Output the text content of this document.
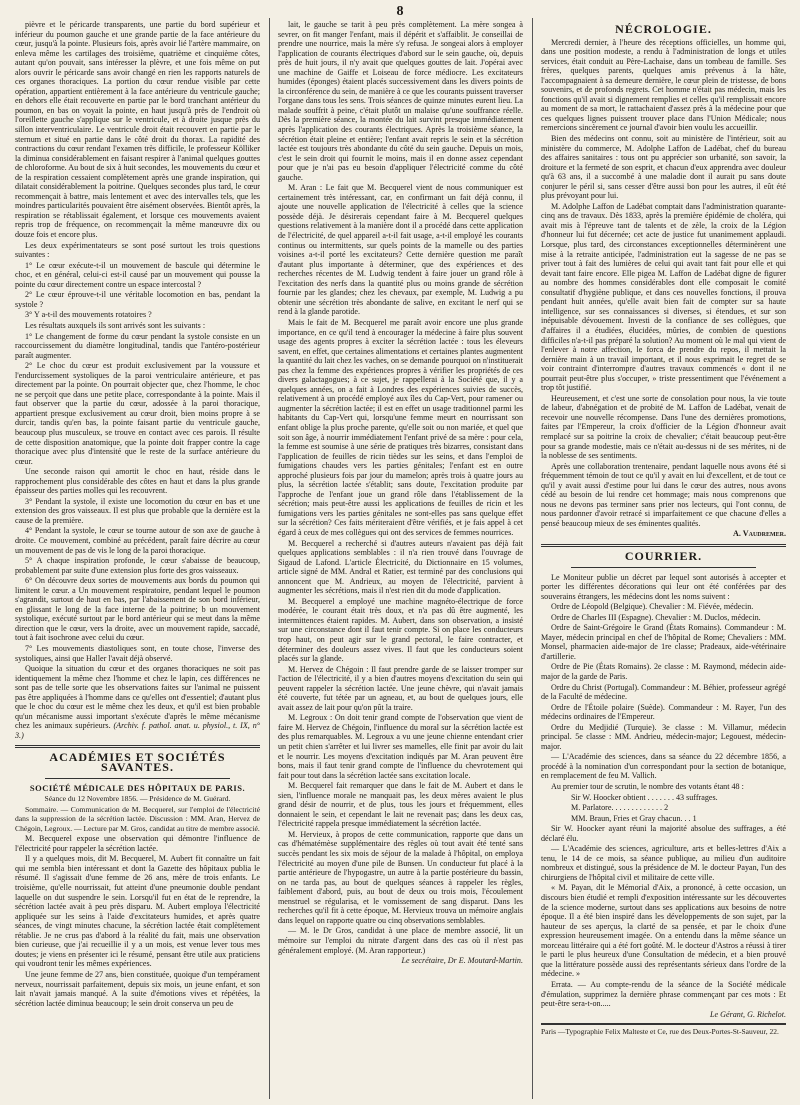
8

pièvre et le péricarde transparents, une partie du bord supérieur et inférieur du poumon gauche et une grande partie de la face antérieure du cœur, jusqu'à la pointe. Plusieurs fois, après avoir lié l'artère mammaire, on enleva même les cartilages des troisième, quatrième et cinquième côtes, autant qu'on pouvait, sans intéresser la plèvre, et une fois même on put alors ouvrir le péricarde sans avoir changé en rien les rapports naturels de ces organes thoraciques. La portion du cœur rendue visible par cette opération, appartient entièrement à la face antérieure du ventricule gauche; en dehors elle était recouverte en partie par le bord tranchant antérieur du poumon, en bas on voyait la pointe, en haut jusqu'à près de l'endroit où l'oreillette gauche s'applique sur le ventricule, et à droite jusque près du sillon interventriculaire. Le ventricule droit était recouvert en partie par le sternum et situé en partie dans le côté droit du thorax. La rapidité des contractions du cœur rendant l'examen très difficile, le professeur Kölliker la diminua considérablement en faisant respirer à l'animal quelques gouttes de chloroforme. Au bout de six à huit secondes, les mouvements du cœur et de la respiration cessaient complètement après une grande inspiration, qui dilatait considérablement la poitrine. Quelques secondes plus tard, le cœur recommençait à battre, mais lentement et avec des intervalles tels, que les moindres particularités pouvaient être aisément observées. Bientôt après, la respiration se rétablissait également, et lorsque ces mouvements avaient repris trop de fréquence, on recommençait la même manœuvre dix ou douze fois et encore plus.

Les deux expérimentateurs se sont posé surtout les trois questions suivantes :

1° Le cœur exécute-t-il un mouvement de bascule qui détermine le choc, et en général, celui-ci est-il causé par un mouvement qui pousse la pointe du cœur directement contre un espace intercostal ?

2° Le cœur éprouve-t-il une véritable locomotion en bas, pendant la systole ?

3° Y a-t-il des mouvements rotatoires ?

Les résultats auxquels ils sont arrivés sont les suivants :

1° Le changement de forme du cœur pendant la systole consiste en un raccourcissement du diamètre longitudinal, tandis que l'antéro-postérieur paraît augmenter.

2° Le choc du cœur est produit exclusivement par la voussure et l'endurcissement systoliques de la paroi ventriculaire antérieure, et pas directement par la pointe. On pourrait objecter que, chez l'homme, le choc ne se perçoit que dans une petite place, correspondante à la pointe. Mais il faut observer que la partie du cœur, adossée à la paroi thoracique, appartient presque exclusivement au cœur droit, bien moins propre à se durcir, tandis qu'en bas, la pointe faisant partie du ventricule gauche, beaucoup plus musculeux, se trouve en contact avec ces parois. Il résulte de cette disposition anatomique, que la pointe doit frapper contre la cage thoracique avec plus d'intensité que le reste de la surface antérieure du cœur.

Une seconde raison qui amortit le choc en haut, réside dans le rapprochement plus considérable des côtes en haut et dans la plus grande épaisseur des parties molles qui les recouvrent.

3° Pendant la systole, il existe une locomotion du cœur en bas et une extension des gros vaisseaux. Il est plus que probable que la dernière est la cause de la première.

4° Pendant la systole, le cœur se tourne autour de son axe de gauche à droite. Ce mouvement, combiné au précédent, paraît faire décrire au cœur un mouvement de pas de vis le long de la paroi thoracique.

5° A chaque inspiration profonde, le cœur s'abaisse de beaucoup, probablement par suite d'une extension plus forte des gros vaisseaux.

6° On découvre deux sortes de mouvements aux bords du poumon qui limitent le cœur. a Un mouvement respiratoire, pendant lequel le poumon s'agrandit, surtout de haut en bas, par l'abaissement de son bord inférieur, en glissant le long de la face interne de la poitrine; b un mouvement systolique, exécuté surtout par le bord antérieur qui se meut dans la même direction que le cœur, vers la droite, avec un mouvement rapide, saccadé, tout à fait isochrone avec celui du cœur.

7° Les mouvements diastoliques sont, en toute chose, l'inverse des systoliques, ainsi que Haller l'avait déjà observé.

Quoique la situation du cœur et des organes thoraciques ne soit pas identiquement la même chez l'homme et chez le lapin, ces différences ne sont pas de telle sorte que les observations faites sur l'animal ne puissent pas être appliquées à l'homme dans ce qu'elles ont d'essentiel; d'autant plus que le choc du cœur est le même chez les deux, et qu'il est bien probable qu'un mécanisme aussi important s'exécute d'après le même mécanisme chez les animaux supérieurs. (Archiv. f. pathol. anat. u. physiol., t. IX, n° 3.)

ACADÉMIES ET SOCIÉTÉS SAVANTES.
SOCIÉTÉ MÉDICALE DES HÔPITAUX DE PARIS.

Séance du 12 Novembre 1856. — Présidence de M. Guérard.

Sommaire. — Communication de M. Becquerel, sur l'emploi de l'électricité dans la suppression de la sécrétion lactée. Discussion : MM. Aran, Hervez de Chégoin, Legroux. — Lecture par M. Gros, candidat au titre de membre associé.

M. Becquerel expose une observation qui démontre l'influence de l'électricité pour rappeler la sécrétion lactée.

Il y a quelques mois, dit M. Becquerel, M. Aubert fit connaître un fait qui me sembla bien intéressant et dont la Gazette des hôpitaux publia le résumé. Il s'agissait d'une femme de 26 ans, mère de trois enfants. Le troisième, qu'elle nourrissait, fut atteint d'une pneumonie double pendant laquelle on dut suspendre le sein. Lorsqu'il fut en état de le reprendre, la sécrétion lactée avait à peu près disparu. M. Aubert employa l'électricité appliquée sur les seins à l'aide d'excitateurs humides, et après quatre séances, de vingt minutes chacune, la sécrétion lactée était complètement rétablie. Je ne crus pas d'abord à la réalité du fait, mais une observation bien curieuse, que j'ai recueillie il y a un mois, est venue lever tous mes doutes; je viens en présenter ici le résumé, pensant être utile aux praticiens qui voudront tenir les mêmes expériences.

Une jeune femme de 27 ans, bien constituée, quoique d'un tempérament nerveux, nourrissait parfaitement, depuis six mois, un jeune enfant, et son lait n'avait jamais manqué. A la suite d'émotions vives et répétées, la sécrétion lactée diminua beaucoup; le sein droit conserva un peu de

lait, le gauche se tarit à peu près complètement. La mère songea à sevrer, on fit manger l'enfant, mais il dépérit et s'affaiblit. Je conseillai de prendre une nourrice, mais la mère s'y refusa. Je songeai alors à employer l'application de courants électriques d'abord sur le sein gauche, où, depuis près de huit jours, il n'y avait que quelques gouttes de lait. J'opérai avec une machine de Gaiffe et Loiseau de force médiocre. Les excitateurs humides (éponges) étaient placés successivement dans les divers points de la circonférence du sein, de manière à ce que les courants puissent traverser l'organe dans tous les sens. Trois séances de quinze minutes eurent lieu. La malade souffrit à peine, c'était plutôt un malaise qu'une souffrance réelle. Dès la première séance, la montée du lait survint presque immédiatement après l'application des courants électriques. Après la troisième séance, la sécrétion était pleine et entière; l'enfant avait repris le sein et la sécrétion lactée est toujours très abondante du côté du sein gauche. Depuis un mois, c'est le sein droit qui fournit le moins, mais il en donne assez cependant pour que je n'ai pas eu besoin d'appliquer l'électricité comme du côté gauche.

M. Aran : Le fait que M. Becquerel vient de nous communiquer est certainement très intéressant, car, en confirmant un fait déjà connu, il ajoute une nouvelle application de l'électricité à celles que la science possède déjà. Je désirerais cependant faire à M. Becquerel quelques questions relativement à la manière dont il a procédé dans cette application de l'électricité, de quel appareil a-t-il fait usage, a-t-il employé les courants continus ou intermittents, sur quels points de la mamelle ou des parties voisines a-t-il porté les excitateurs? Cette dernière question me paraît d'autant plus importante à déterminer, que des expériences et des recherches récentes de M. Ludwig tendent à faire jouer un grand rôle à l'excitation des nerfs dans la quantité plus ou moins grande de sécrétion fournie par les glandes; chez les chevaux, par exemple, M. Ludwig a pu obtenir une sécrétion très abondante de salive, en excitant le nerf qui se rend à la glande parotide.

Mais le fait de M. Becquerel me paraît avoir encore une plus grande importance, en ce qu'il tend à encourager la médecine à faire plus souvent usage des agents propres à exciter la sécrétion lactée : tous les éleveurs savent, en effet, que certaines alimentations et certaines plantes augmentent la quantité du lait chez les vaches, on se demande pourquoi on n'instituerait pas chez la femme des expériences propres à vérifier les propriétés de ces divers galactagogues; à ce sujet, je rappellerai à la Société que, il y a quelques années, on a fait à Londres des expériences suivies de succès, relativement à un procédé employé aux îles du Cap-Vert, pour ramener ou augmenter la sécrétion lactée; il est en effet un usage traditionnel parmi les habitants du Cap-Vert qui, lorsqu'une femme meurt en nourrissant son enfant oblige la plus proche parente, qu'elle soit ou non mariée, et quel que soit son âge, à nourrir immédiatement l'enfant privé de sa mère : pour cela, la femme est soumise à une série de pratiques très bizarres, consistant dans l'application de feuilles de ricin tièdes sur les seins, et dans l'emploi de fumigations chaudes vers les parties génitales; l'enfant est en outre approché plusieurs fois par jour du mamelon; après trois à quatre jours au plus, la sécrétion lactée s'établit; sans doute, l'excitation produite par l'approche de l'enfant joue un grand rôle dans l'établissement de la sécrétion; mais peut-être aussi les applications de feuilles de ricin et les fumigations vers les parties génitales ne sont-elles pas sans quelque effet sur la sécrétion? Ces faits mériteraient d'être vérifiés, et je fais appel à cet égard à ceux de mes collègues qui ont des services de femmes nourrices.

M. Becquerel a recherché si d'autres auteurs n'avaient pas déjà fait quelques applications semblables : il n'a rien trouvé dans l'ouvrage de Sigaud de Lafond. L'article Électricité, du Dictionnaire en 15 volumes, article signé de MM. Andral et Ratier, est terminé par des conclusions qui annoncent que M. Andrieux, au moyen de l'électricité, parvient à augmenter les sécrétions, mais il n'est rien dit du mode d'application.

M. Becquerel a employé une machine magnéto-électrique de force modérée, le courant était très doux, et n'a pas dû être augmenté, les intermittences étaient rapides. M. Aubert, dans son observation, a insisté sur une circonstance dont il faut tenir compte. Si on place les conducteurs trop haut, on peut agir sur le grand pectoral, le faire contracter, et déterminer des douleurs assez vives. Il faut que les conducteurs soient placés sur la glande.

M. Hervez de Chégoin : Il faut prendre garde de se laisser tromper sur l'action de l'électricité, il y a bien d'autres moyens d'excitation du sein qui peuvent rappeler la sécrétion lactée. Une jeune chèvre, qui n'avait jamais été couverte, fut tétée par un agneau, et, au bout de quelques jours, elle avait assez de lait pour qu'on pût la traire.

M. Legroux : On doit tenir grand compte de l'observation que vient de faire M. Hervez de Chégoin, l'influence du moral sur la sécrétion lactée est des plus remarquables. M. Legroux a vu une jeune chienne entendant crier un petit chien s'arrêter et lui livrer ses mamelles, elle finit par avoir du lait et le nourrir. Les moyens d'excitation indiqués par M. Aran peuvent être bons, mais il faut tenir grand compte de l'influence du chevrotement qui fait pour tout dans la sécrétion lactée sans excitation locale.

M. Becquerel fait remarquer que dans le fait de M. Aubert et dans le sien, l'influence morale ne manquait pas, les deux mères avaient le plus grand désir de nourrir, et de plus, tous les jours et fréquemment, elles donnaient le sein, et cependant le lait ne revenait pas; dans les deux cas, l'électricité rappela presque immédiatement la sécrétion lactée.

M. Hervieux, à propos de cette communication, rapporte que dans un cas d'hématémèse supplémentaire des règles où tout avait été tenté sans succès pendant les six mois de séjour de la malade à l'hôpital, on employa l'électricité au moyen d'une pile de Bunsen. Un conducteur fut placé à la partie antérieure de l'hypogastre, un autre à la partie postérieure du bassin, on ne tarda pas, au bout de quelques séances à rappeler les règles, faiblement d'abord, puis, au bout de deux ou trois mois, l'écoulement menstruel se régularisa, et le vomissement de sang disparut. Dans les recherches qu'il fit à cette époque, M. Hervieux trouva un mémoire anglais dans lequel on rapporte quatre ou cinq observations semblables.

— M. le Dr Gros, candidat à une place de membre associé, lit un mémoire sur l'emploi du nitrate d'argent dans des cas où il n'est pas généralement employé. (M. Aran rapporteur.)

Le secrétaire, Dr E. Moutard-Martin.

NÉCROLOGIE.

Mercredi dernier, à l'heure des réceptions officielles, un homme qui, dans une position modeste, a rendu à l'administration de longs et utiles services, était conduit au Père-Lachaise, dans un tombeau de famille. Ses frères, quelques parents, quelques amis prévenus à la hâte, l'accompagnaient à sa demeure dernière, le cœur plein de tristesse, de bons souvenirs, et de profonds regrets. Cet homme n'était pas médecin, mais les fonctions qu'il avait si dignement remplies et celles qu'il remplissait encore au moment de sa mort, le rattachaient d'assez près à la médecine pour que ces quelques lignes puissent trouver place dans l'Union Médicale; nous remercions sincèrement ce journal d'avoir bien voulu les accueillir.

Bien des médecins ont connu, soit au ministère de l'intérieur, soit au ministère du commerce, M. Adolphe Laffon de Ladébat, chef du bureau des affaires sanitaires : tous ont pu apprécier son urbanité, son savoir, la droiture et la fermeté de son esprit, et chacun d'eux apprendra avec douleur qu'à 63 ans, il a succombé à une maladie dont il aurait pu sans doute conjurer le péril si, sans cesser d'être aussi bon pour les autres, il eût été plus prévoyant pour lui.

M. Adolphe Laffon de Ladébat comptait dans l'administration quarante-cinq ans de travaux. Dès 1833, après la première épidémie de choléra, qui avait mis à l'épreuve tant de talents et de zèle, la croix de la Légion d'honneur lui fut décernée; cet acte de justice fut unanimement applaudi. Lorsque, plus tard, des circonstances exceptionnelles déterminèrent une mise à la retraite anticipée, l'administration eut la sagesse de ne pas se priver tout à fait des lumières de celui qui avait tant fait pour elle et qui devait tant faire encore. Elle pigea M. Laffon de Ladébat digne de figurer au nombre des hommes considérables dont elle composait le comité consultatif d'hygiène publique, et dans ces nouvelles fonctions, il prouva pendant huit années, qu'elle avait bien fait de compter sur sa haute intelligence, sur ses connaissances si diverses, si étendues, et sur son inépuisable dévouement. Investi de la confiance de ses collègues, que d'affaires il a étudiées, élucidées, mûries, de combien de questions difficiles n'a-t-il pas préparé la solution? Au moment où le mal qui vient de l'enlever à notre affection, le forca de prendre du repos, il mettait la dernière main à un travail important, et il nous exprimait le regret de se voir contraint d'interrompre d'autres travaux commencés « dont il ne pourrait peut-être plus s'occuper, » triste pressentiment que l'événement a trop tôt justifié.

Heureusement, et c'est une sorte de consolation pour nous, la vie toute de labeur, d'abnégation et de probité de M. Laffon de Ladébat, venait de recevoir une nouvelle récompense. Dans l'une des dernières promotions, faites par l'Empereur, la croix d'officier de la Légion d'honneur avait remplacé sur sa poitrine la croix de chevalier; c'était beaucoup peut-être pour sa grande modestie, mais ce n'était au-dessus ni de ses mérites, ni de la noblesse de ses sentiments.

Après une collaboration trentenaire, pendant laquelle nous avons été si fréquemment témoin de tout ce qu'il y avait en lui d'excellent, et de tout ce qu'il y avait aussi d'estime pour lui dans le cœur des autres, nous avons cédé au besoin de lui rendre cet hommage; mais nous comprenons que nous ne devons pas terminer sans prier nos lecteurs, qui l'ont connu, de nous pardonner d'avoir retracé si imparfaitement ce que chacune d'elles a pensé beaucoup mieux de ses éminentes qualités.

A. Vaudremer.

COURRIER.

Le Moniteur publie un décret par lequel sont autorisés à accepter et porter les différentes décorations qui leur ont été conférées par des souverains étrangers, les médecins dont les noms suivent :

Ordre de Léopold (Belgique). Chevalier : M. Fiévée, médecin.

Ordre de Charles III (Espagne). Chevalier : M. Duclos, médecin.

Ordre de Saint-Grégoire le Grand (États Romains). Commandeur : M. Mayer, médecin principal en chef de l'hôpital de Rome; Chevaliers : MM. Monsel, pharmacien aide-major de 1re classe; Pradeaux, aide-vétérinaire d'artillerie.

Ordre de Pie (États Romains). 2e classe : M. Raymond, médecin aide-major de la garde de Paris.

Ordre du Christ (Portugal). Commandeur : M. Béhier, professeur agrégé de la Faculté de médecine.

Ordre de l'Étoile polaire (Suède). Commandeur : M. Rayer, l'un des médecins ordinaires de l'Empereur.

Ordre du Medjidié (Turquie). 3e classe : M. Villamur, médecin principal. 5e classe : MM. Andrieu, médecin-major; Legouest, médecin-major.

— L'Académie des sciences, dans sa séance du 22 décembre 1856, a procédé à la nomination d'un correspondant pour la section de botanique, en remplacement de feu M. Vallich.

Au premier tour de scrutin, le nombre des votants étant 48 :

Sir W. Hoocker obtient . . . . . . . 43 suffrages.

M. Parlatore. . . . . . . . . . . . . 2

MM. Braun, Fries et Gray chacun. . . 1

Sir W. Hoocker ayant réuni la majorité absolue des suffrages, a été déclaré élu.

— L'Académie des sciences, agriculture, arts et belles-lettres d'Aix a tenu, le 14 de ce mois, sa séance publique, au milieu d'un auditoire nombreux et distingué, sous la présidence de M. le docteur Payan, l'un des chirurgiens de l'hôpital civil et militaire de cette ville.

« M. Payan, dit le Mémorial d'Aix, a prononcé, à cette occasion, un discours bien étudié et rempli d'exposition intéressante sur les découvertes de la science moderne, surtout dans ses applications aux besoins de notre époque. Il a été bien inspiré dans les développements de son sujet, par la hauteur de ses aperçus, la clarté de sa pensée, et par le choix d'une expression heureusement imagée. On a entendu dans la même séance un morceau littéraire qui a été fort goûté. M. le docteur d'Astros a réussi à tirer le parti le plus heureux d'une Consultation de médecin, et a bien prouvé que la littérature possède aussi des représentants sérieux dans l'ordre de la médecine. »

Errata. — Au compte-rendu de la séance de la Société médicale d'émulation, supprimez la dernière phrase commençant par ces mots : Et peut-être sera-t-on.....

Le Gérant, G. Richelot.

Paris —Typographie Felix Malteste et Ce, rue des Deux-Portes-St-Sauveur, 22.
